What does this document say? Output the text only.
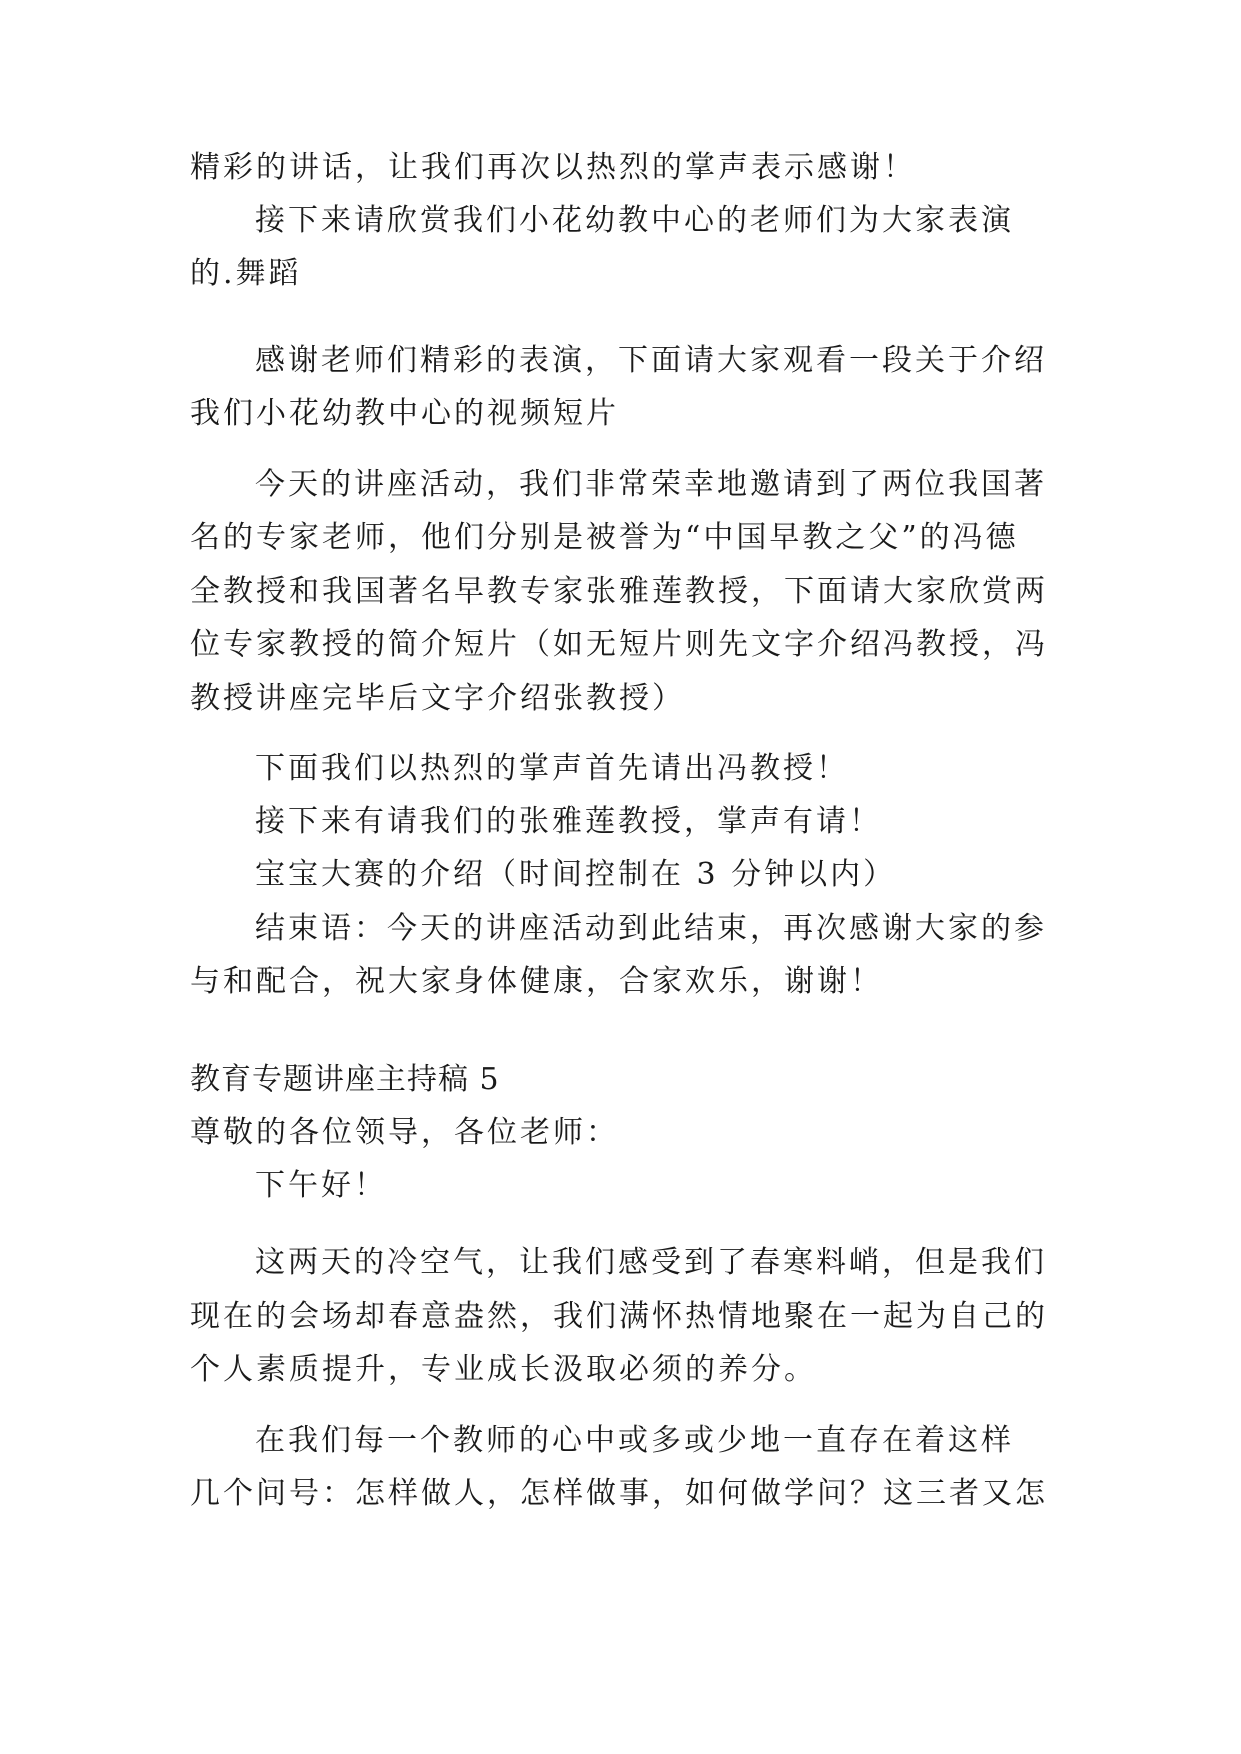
精彩的讲话，让我们再次以热烈的掌声表示感谢！
接下来请欣赏我们小花幼教中心的老师们为大家表演
的.舞蹈
感谢老师们精彩的表演，下面请大家观看一段关于介绍
我们小花幼教中心的视频短片
今天的讲座活动，我们非常荣幸地邀请到了两位我国著
名的专家老师，他们分别是被誉为“中国早教之父”的冯德
全教授和我国著名早教专家张雅莲教授，下面请大家欣赏两
位专家教授的简介短片（如无短片则先文字介绍冯教授，冯
教授讲座完毕后文字介绍张教授）
下面我们以热烈的掌声首先请出冯教授！
接下来有请我们的张雅莲教授，掌声有请！
宝宝大赛的介绍（时间控制在 3 分钟以内）
结束语：今天的讲座活动到此结束，再次感谢大家的参
与和配合，祝大家身体健康，合家欢乐，谢谢！
教育专题讲座主持稿 5
尊敬的各位领导，各位老师：
下午好！
这两天的冷空气，让我们感受到了春寒料峭，但是我们
现在的会场却春意盎然，我们满怀热情地聚在一起为自己的
个人素质提升，专业成长汲取必须的养分。
在我们每一个教师的心中或多或少地一直存在着这样
几个问号：怎样做人，怎样做事，如何做学问？这三者又怎
